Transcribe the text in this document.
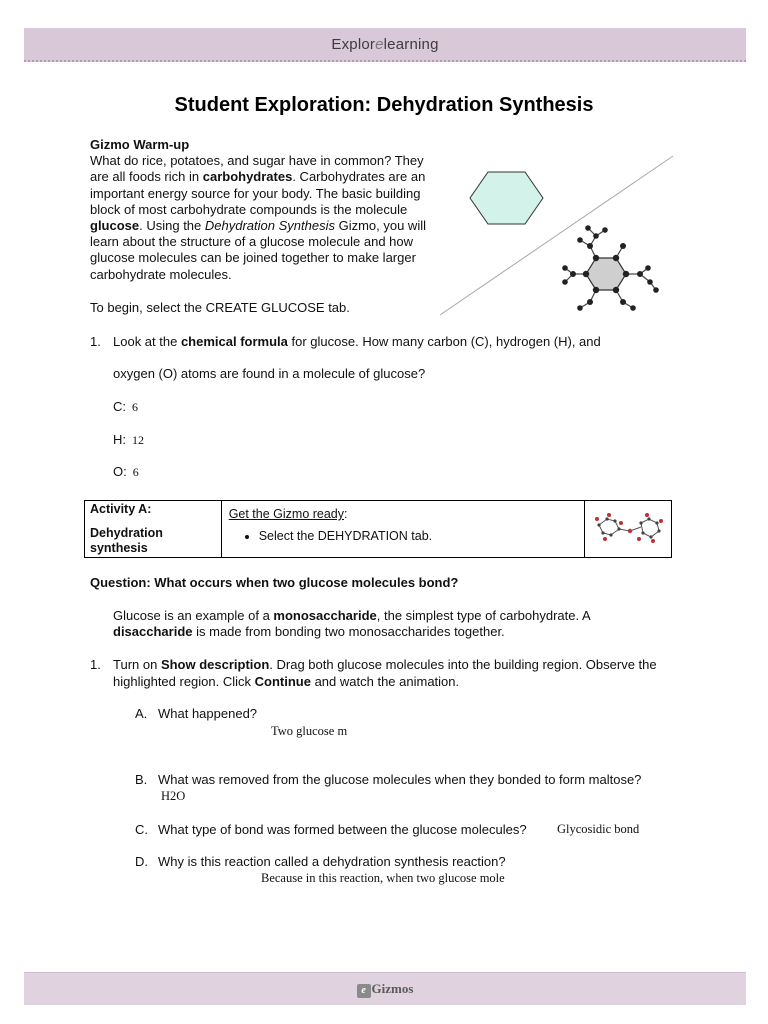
Explorelearning
Student Exploration: Dehydration Synthesis
Gizmo Warm-up

What do rice, potatoes, and sugar have in common? They are all foods rich in carbohydrates. Carbohydrates are an important energy source for your body. The basic building block of most carbohydrate compounds is the molecule glucose. Using the Dehydration Synthesis Gizmo, you will learn about the structure of a glucose molecule and how glucose molecules can be joined together to make larger carbohydrate molecules.

To begin, select the CREATE GLUCOSE tab.
1. Look at the chemical formula for glucose. How many carbon (C), hydrogen (H), and
oxygen (O) atoms are found in a molecule of glucose?
C: 6
H: 12
O: 6
Activity A:
Dehydration
synthesis

Get the Gizmo ready:
• Select the DEHYDRATION tab.

Question: What occurs when two glucose molecules bond?
Glucose is an example of a monosaccharide, the simplest type of carbohydrate. A disaccharide is made from bonding two monosaccharides together.
1. Turn on Show description. Drag both glucose molecules into the building region. Observe the highlighted region. Click Continue and watch the animation.
A. What happened?
Two glucose m
B. What was removed from the glucose molecules when they bonded to form maltose?
H2O
C. What type of bond was formed between the glucose molecules? Glycosidic bond
D. Why is this reaction called a dehydration synthesis reaction?
Because in this reaction, when two glucose mole
e Gizmos
